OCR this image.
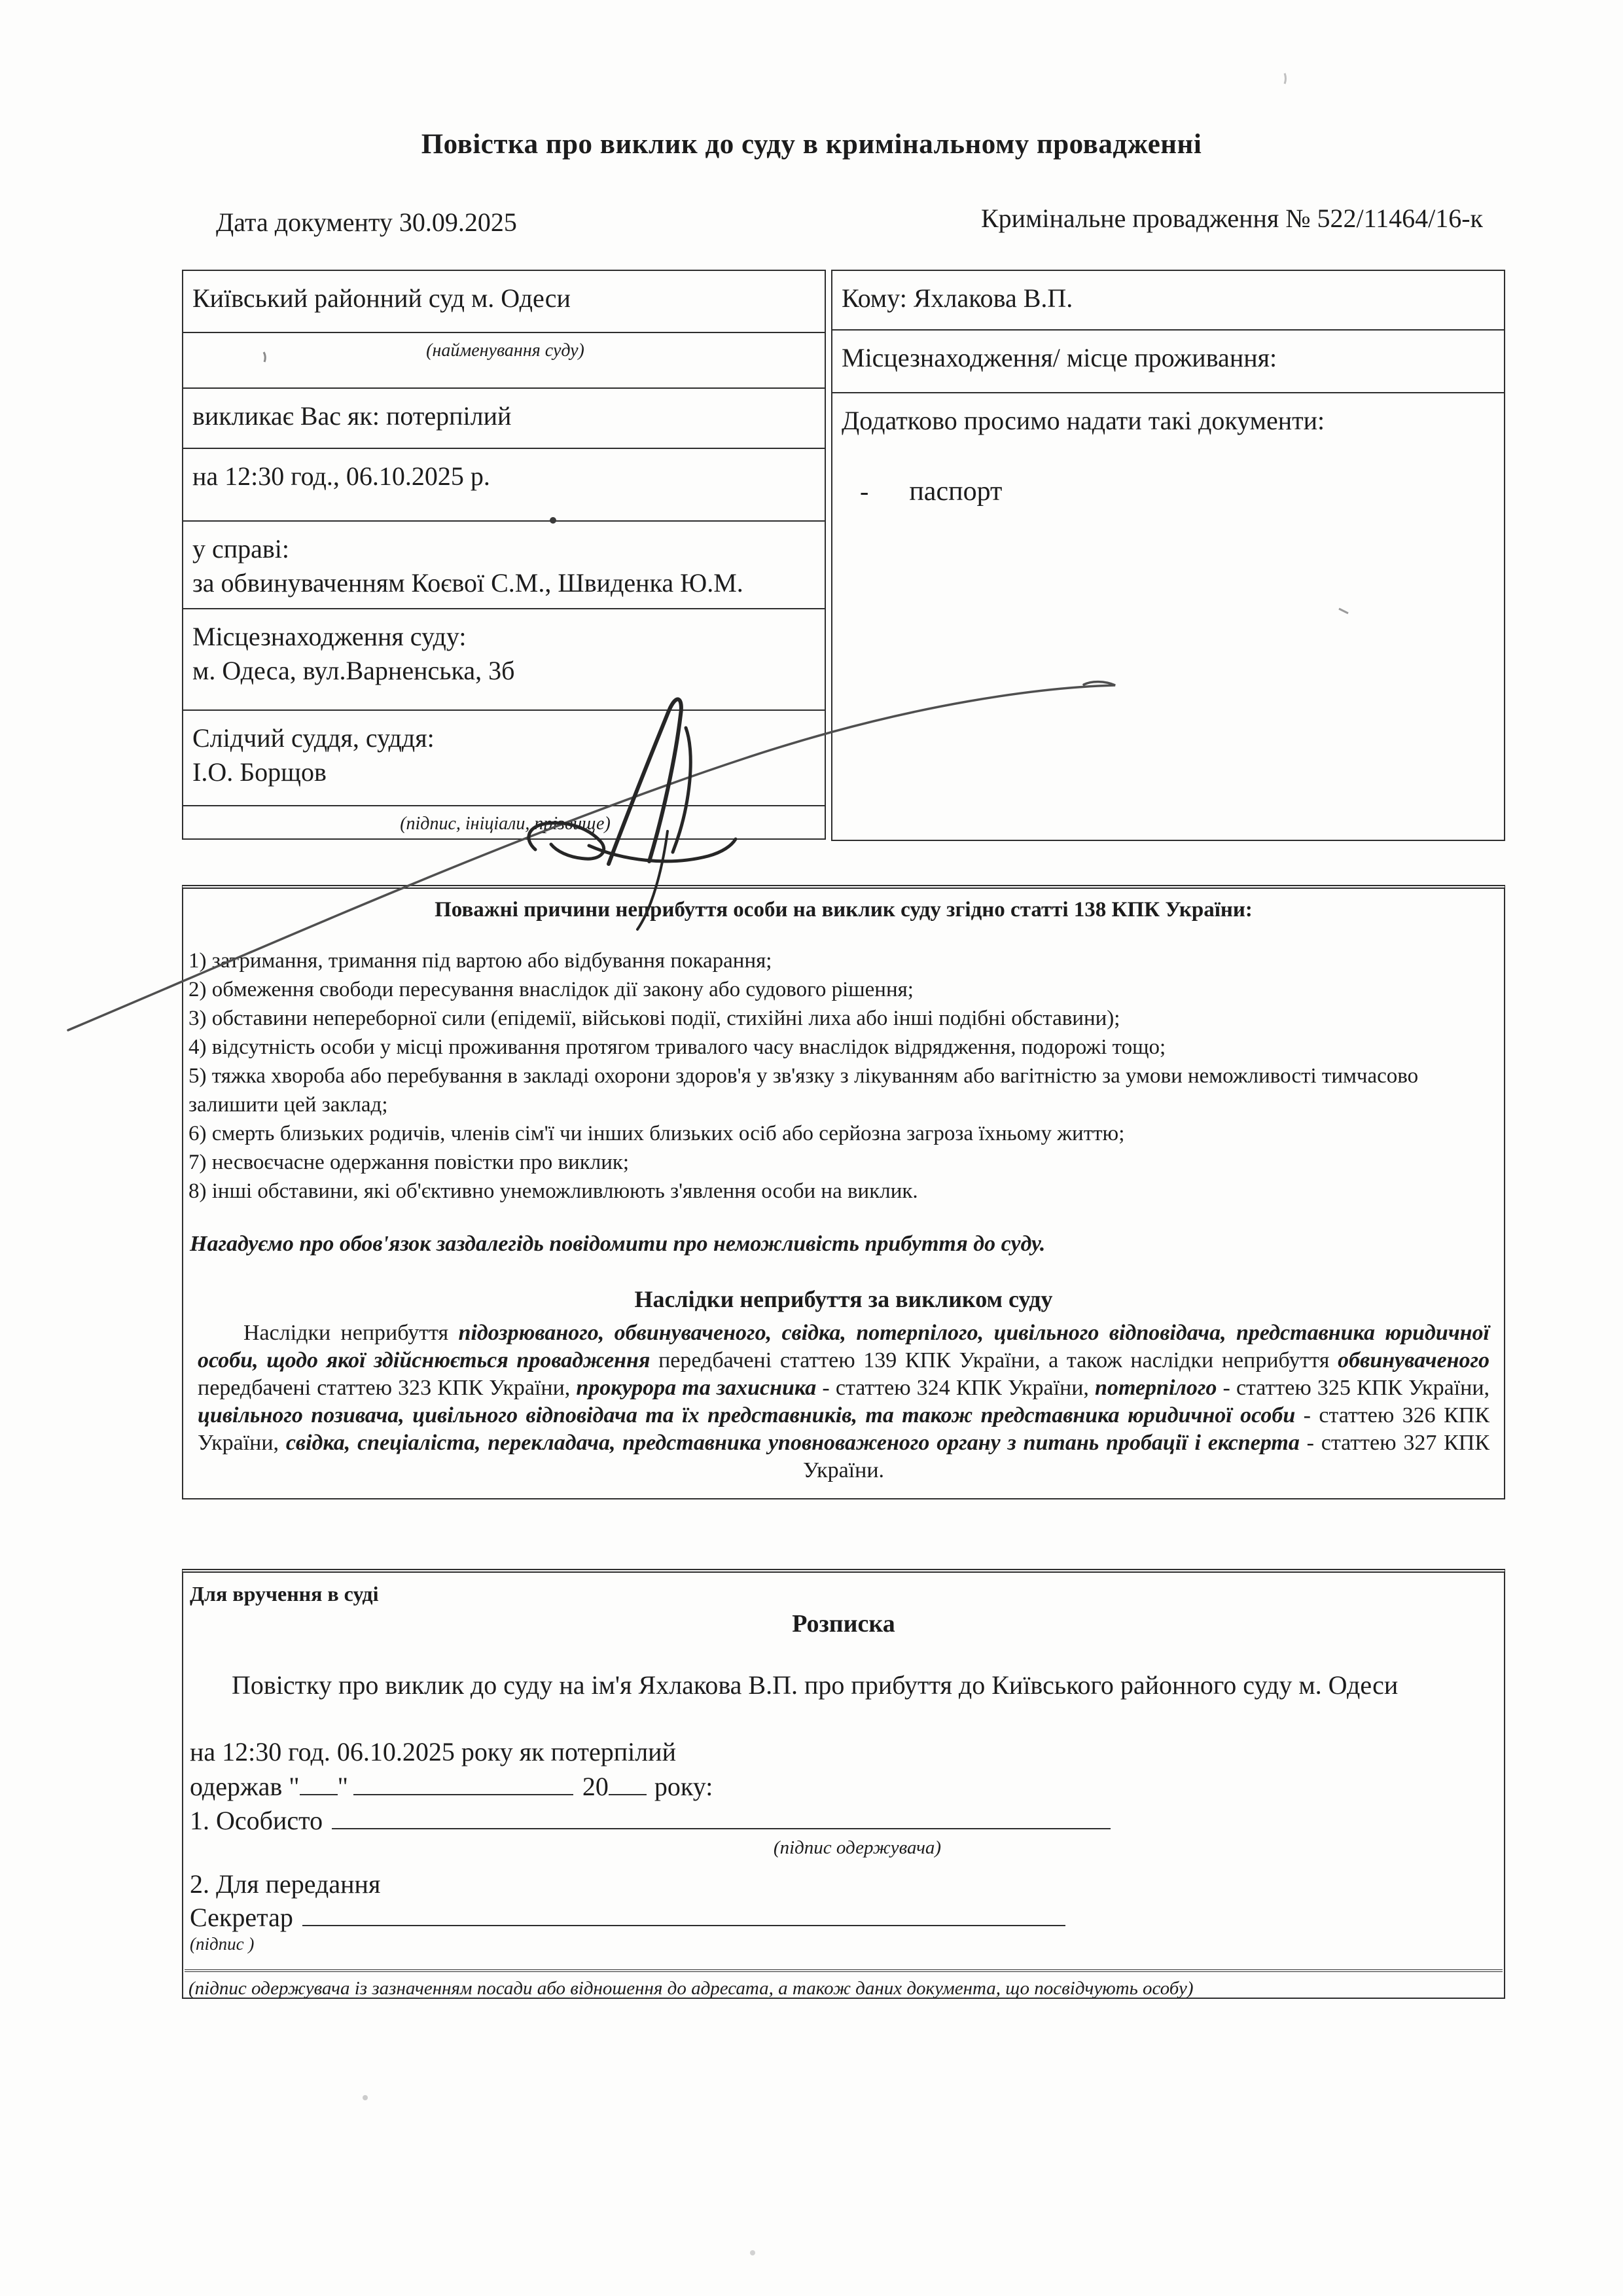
Повістка про виклик до суду в кримінальному провадженні
Дата документу 30.09.2025	Кримінальне провадження № 522/11464/16-к
Київський районний суд м. Одеси
(найменування суду)
викликає Вас як: потерпілий
на 12:30 год., 06.10.2025 р.
у справі:
за обвинуваченням Коєвої С.М., Швиденка Ю.М.
Місцезнаходження суду:
м. Одеса, вул.Варненська, 3б
Слідчий суддя, суддя:
І.О. Борщов
(підпис, ініціали, прізвище)
Кому: Яхлакова В.П.
Місцезнаходження/ місце проживання:
Додатково просимо надати такі документи:
- паспорт
Поважні причини неприбуття особи на виклик суду згідно статті 138 КПК України:
1) затримання, тримання під вартою або відбування покарання;
2) обмеження свободи пересування внаслідок дії закону або судового рішення;
3) обставини непереборної сили (епідемії, військові події, стихійні лиха або інші подібні обставини);
4) відсутність особи у місці проживання протягом тривалого часу внаслідок відрядження, подорожі тощо;
5) тяжка хвороба або перебування в закладі охорони здоров'я у зв'язку з лікуванням або вагітністю за умови неможливості тимчасово залишити цей заклад;
6) смерть близьких родичів, членів сім'ї чи інших близьких осіб або серйозна загроза їхньому життю;
7) несвоєчасне одержання повістки про виклик;
8) інші обставини, які об'єктивно унеможливлюють з'явлення особи на виклик.
Нагадуємо про обов'язок заздалегідь повідомити про неможливість прибуття до суду.
Наслідки неприбуття за викликом суду
Наслідки неприбуття підозрюваного, обвинуваченого, свідка, потерпілого, цивільного відповідача, представника юридичної особи, щодо якої здійснюється провадження передбачені статтею 139 КПК України, а також наслідки неприбуття обвинуваченого передбачені статтею 323 КПК України, прокурора та захисника - статтею 324 КПК України, потерпілого - статтею 325 КПК України, цивільного позивача, цивільного відповідача та їх представників, та також представника юридичної особи - статтею 326 КПК України, свідка, спеціаліста, перекладача, представника уповноваженого органу з питань пробації і експерта - статтею 327 КПК України.
Для вручення в суді
Розписка
Повістку про виклик до суду на ім'я Яхлакова В.П. про прибуття до Київського районного суду м. Одеси
на 12:30 год. 06.10.2025 року як потерпілий
одержав " "	20 року:
1. Особисто
(підпис одержувача)
2. Для передання
Секретар
(підпис )
(підпис одержувача із зазначенням посади або відношення до адресата, а також даних документа, що посвідчують особу)
